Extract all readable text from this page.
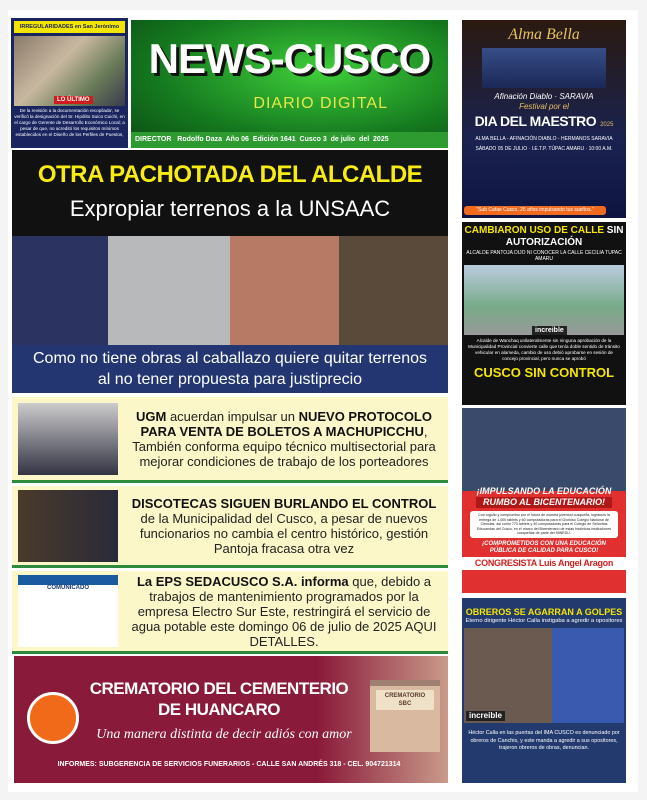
IRREGULARIDADES en San Jerónimo
LO ÚLTIMO
De la revisión a la documentación recopilada', se verificó la designación del Sr. Hipólito Suico Cuichi, en el cargo de Gerente de Desarrollo Económico Local; a pesar de que, no acreditó los requisitos mínimos establecidos en el Diseño de los Perfiles de Puestos,
NEWS-CUSCO
DIARIO DIGITAL
DIRECTOR   Rodolfo Daza  Año 06  Edición 1641  Cusco 3  de julio  del  2025
OTRA PACHOTADA DEL ALCALDE
Expropiar terrenos a la UNSAAC
Como no tiene obras al caballazo quiere quitar terrenos al no tener propuesta para justiprecio
UGM acuerdan impulsar un NUEVO PROTOCOLO PARA VENTA DE BOLETOS A MACHUPICCHU, También conforma equipo técnico multisectorial para mejorar condiciones de trabajo de los porteadores
DISCOTECAS SIGUEN BURLANDO EL CONTROL de la Municipalidad del Cusco, a pesar de nuevos funcionarios no cambia el centro histórico, gestión Pantoja fracasa otra vez
COMUNICADO	La EPS SEDACUSCO S.A. informa que, debido a trabajos de mantenimiento programados por la empresa Electro Sur Este, restringirá el servicio de agua potable este domingo 06 de julio de 2025 AQUI DETALLES.
CREMATORIO SBC
CREMATORIO DEL CEMENTERIO
DE HUANCARO
Una manera distinta de decir adiós con amor
INFORMES: SUBGERENCIA DE SERVICIOS FUNERARIOS - CALLE SAN ANDRÉS 318 - CEL. 904721314
Alma Bella
Afinación Diablo · SARAVIA
Festival por el
DIA DEL MAESTRO 2025
ALMA BELLA - AFINACIÓN DIABLO - HERMANOS SARAVIA
SÁBADO 05 DE JULIO · I.E.T.P. TÚPAC AMARU · 10:00 A.M.
"Sub Cafae Cusco, 25 años impulsando tus sueños."
CAMBIARON USO DE CALLE SIN AUTORIZACIÓN
ALCALDE PANTOJA DIJO NI CONOCER LA CALLE CECILIA TUPAC AMARU
increible
Alcalde de Wanchaq unilateralmente sin ninguna aprobación de la Municipalidad Provincial convierte calle que tenía doble sentido de tránsito vehicular en alameda, cambio de uso debió aprobarse en sesión de concejo provincial, pero nunca se aprobó
CUSCO SIN CONTROL
¡IMPULSANDO LA EDUCACIÓN
RUMBO AL BICENTENARIO!
Con orgullo y compromiso por el futuro de nuestra juventud cusqueña, logramos la entrega de 1,000 tablets y 60 computadoras para el Glorioso Colegio Nacional de Ciencias, así como 773 tablets y 40 computadoras para el Colegio de Señoritas Educandas del Cusco, en el marco del Bicentenario de estas históricas instituciones cusqueñas de parte del MINEDU.
¡COMPROMETIDOS CON UNA EDUCACIÓN PÚBLICA DE CALIDAD PARA CUSCO!
CONGRESISTA Luis Angel Aragon
OBREROS SE AGARRAN A GOLPES
Eterno dirigente Héctor Calla instigaba a agredir a opositores
increible
Héctor Calla en las puertas del IMA CUSCO es denunciado por obreros de Canchis, y este manda a agredir a sus opositores, trajeron obreros de obras, denuncian.
